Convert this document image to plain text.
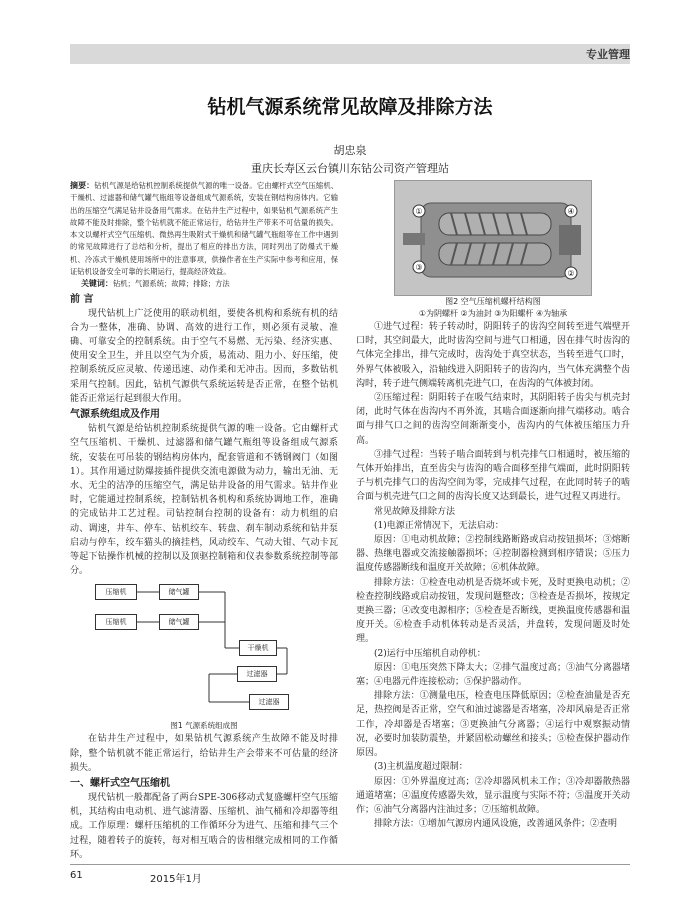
专业管理
钻机气源系统常见故障及排除方法
胡忠泉
重庆长寿区云台镇川东钻公司资产管理站
摘要：钻机气源是给钻机控制系统提供气源的唯一设备。它由螺杆式空气压缩机、干燥机、过滤器和储气罐气瓶组等设备组成气源系统，安装在钢结构房体内。它输出的压缩空气满足钻井设备用气需求。在钻井生产过程中，如果钻机气源系统产生故障不能及时排除，整个钻机就不能正常运行，给钻井生产带来不可估量的损失。本文以螺杆式空气压缩机、微热再生吸附式干燥机和储气罐气瓶组等在工作中遇到的常见故障进行了总结和分析，提出了相应的排出方法，同时列出了防爆式干燥机、冷冻式干燥机使用场所中的注意事项，供操作者在生产实际中参考和应用，保证钻机设备安全可靠的长期运行，提高经济效益。
关键词：钻机；气源系统；故障；排除；方法
前 言

现代钻机上广泛使用的联动机组，要使各机构和系统有机的结合为一整体，准确、协调、高效的进行工作，则必须有灵敏、准确、可靠安全的控制系统。由于空气不易燃、无污染、经济实惠、使用安全卫生，并且以空气为介质，易流动、阻力小、好压缩，使控制系统反应灵敏、传递迅速、动作柔和无冲击。因而，多数钻机采用气控制。因此，钻机气源供气系统运转是否正常，在整个钻机能否正常运行起到很大作用。

气源系统组成及作用

钻机气源是给钻机控制系统提供气源的唯一设备。它由螺杆式空气压缩机、干燥机、过滤器和储气罐气瓶组等设备组成气源系统，安装在可吊装的钢结构房体内，配套管道和不锈钢阀门（如图1）。其作用通过防爆接插件提供交流电源做为动力，输出无油、无水、无尘的洁净的压缩空气，满足钻井设备的用气需求。钻井作业时，它能通过控制系统，控制钻机各机构和系统协调地工作，准确的完成钻井工艺过程。司钻控制台控制的设备有：动力机组的启动、调速，井车、停车、钻机绞车、转盘、刹车制动系统和钻井泵启动与停车，绞车猫头的摘挂档，风动绞车、气动大钳、气动卡瓦等起下钻操作机械的控制以及顶驱控制箱和仪表参数系统控制等部分。

压缩机
压缩机
储气罐
储气罐
干燥机
过滤器
过滤器
图1 气源系统组成图

在钻井生产过程中，如果钻机气源系统产生故障不能及时排除，整个钻机就不能正常运行，给钻井生产会带来不可估量的经济损失。

一、螺杆式空气压缩机

现代钻机一般都配备了两台SPE-306移动式复盛螺杆空气压缩机，其结构由电动机、进气滤清器、压缩机、油气桶和冷却器等组成。工作原理：螺杆压缩机的工作循环分为进气、压缩和排气三个过程，随着转子的旋转，每对相互啮合的齿相继完成相同的工作循环。

①
②
③
④
图2 空气压缩机螺杆结构图
①为阴螺杆 ②为油封 ③为阳螺杆 ④为轴承

①进气过程：转子转动时，阴阳转子的齿沟空间转至进气端壁开口时，其空间最大，此时齿沟空间与进气口相通，因在排气时齿沟的气体完全排出，排气完成时，齿沟处于真空状态，当转至进气口时，外界气体被吸入，沿轴线进入阴阳转子的齿沟内，当气体充满整个齿沟时，转子进气侧端转离机壳进气口，在齿沟的气体被封闭。

②压缩过程：阴阳转子在吸气结束时，其阴阳转子齿尖与机壳封闭，此时气体在齿沟内不再外流，其啮合面逐渐向排气端移动。啮合面与排气口之间的齿沟空间渐渐变小，齿沟内的气体被压缩压力升高。

③排气过程：当转子啮合面转到与机壳排气口相通时，被压缩的气体开始排出，直至齿尖与齿沟的啮合面移至排气端面，此时阴阳转子与机壳排气口的齿沟空间为零，完成排气过程，在此同时转子的啮合面与机壳进气口之间的齿沟长度又达到最长，进气过程又再进行。

常见故障及排除方法

(1)电源正常情况下，无法启动：

原因：①电动机故障；②控制线路断路或启动按钮损坏；③熔断器、热继电器或交流接触器损坏；④控制器检测到相序错误；⑤压力温度传感器断线和温度开关故障；⑥机体故障。

排除方法：①检查电动机是否烧坏或卡死，及时更换电动机；②检查控制线路或启动按钮，发现问题整改；③检查是否损坏，按规定更换三器；④改变电源相序；⑤检查是否断线，更换温度传感器和温度开关。⑥检查手动机体转动是否灵活，并盘转，发现问题及时处理。

(2)运行中压缩机自动停机：

原因：①电压突然下降太大；②排气温度过高；③油气分离器堵塞；④电器元件连接松动；⑤保护器动作。

排除方法：①测量电压，检查电压降低原因；②检查油量是否充足，热控阀是否正常，空气和油过滤器是否堵塞，冷却风扇是否正常工作，冷却器是否堵塞；③更换油气分离器；④运行中观察振动情况，必要时加装防震垫，并紧固松动螺丝和接头；⑤检查保护器动作原因。

(3)主机温度超过限制：

原因：①外界温度过高；②冷却器风机未工作；③冷却器散热器通道堵塞；④温度传感器失效，显示温度与实际不符；⑤温度开关动作；⑥油气分离器内注油过多；⑦压缩机故障。

排除方法：①增加气源房内通风设施，改善通风条件；②查明

61	2015年1月
